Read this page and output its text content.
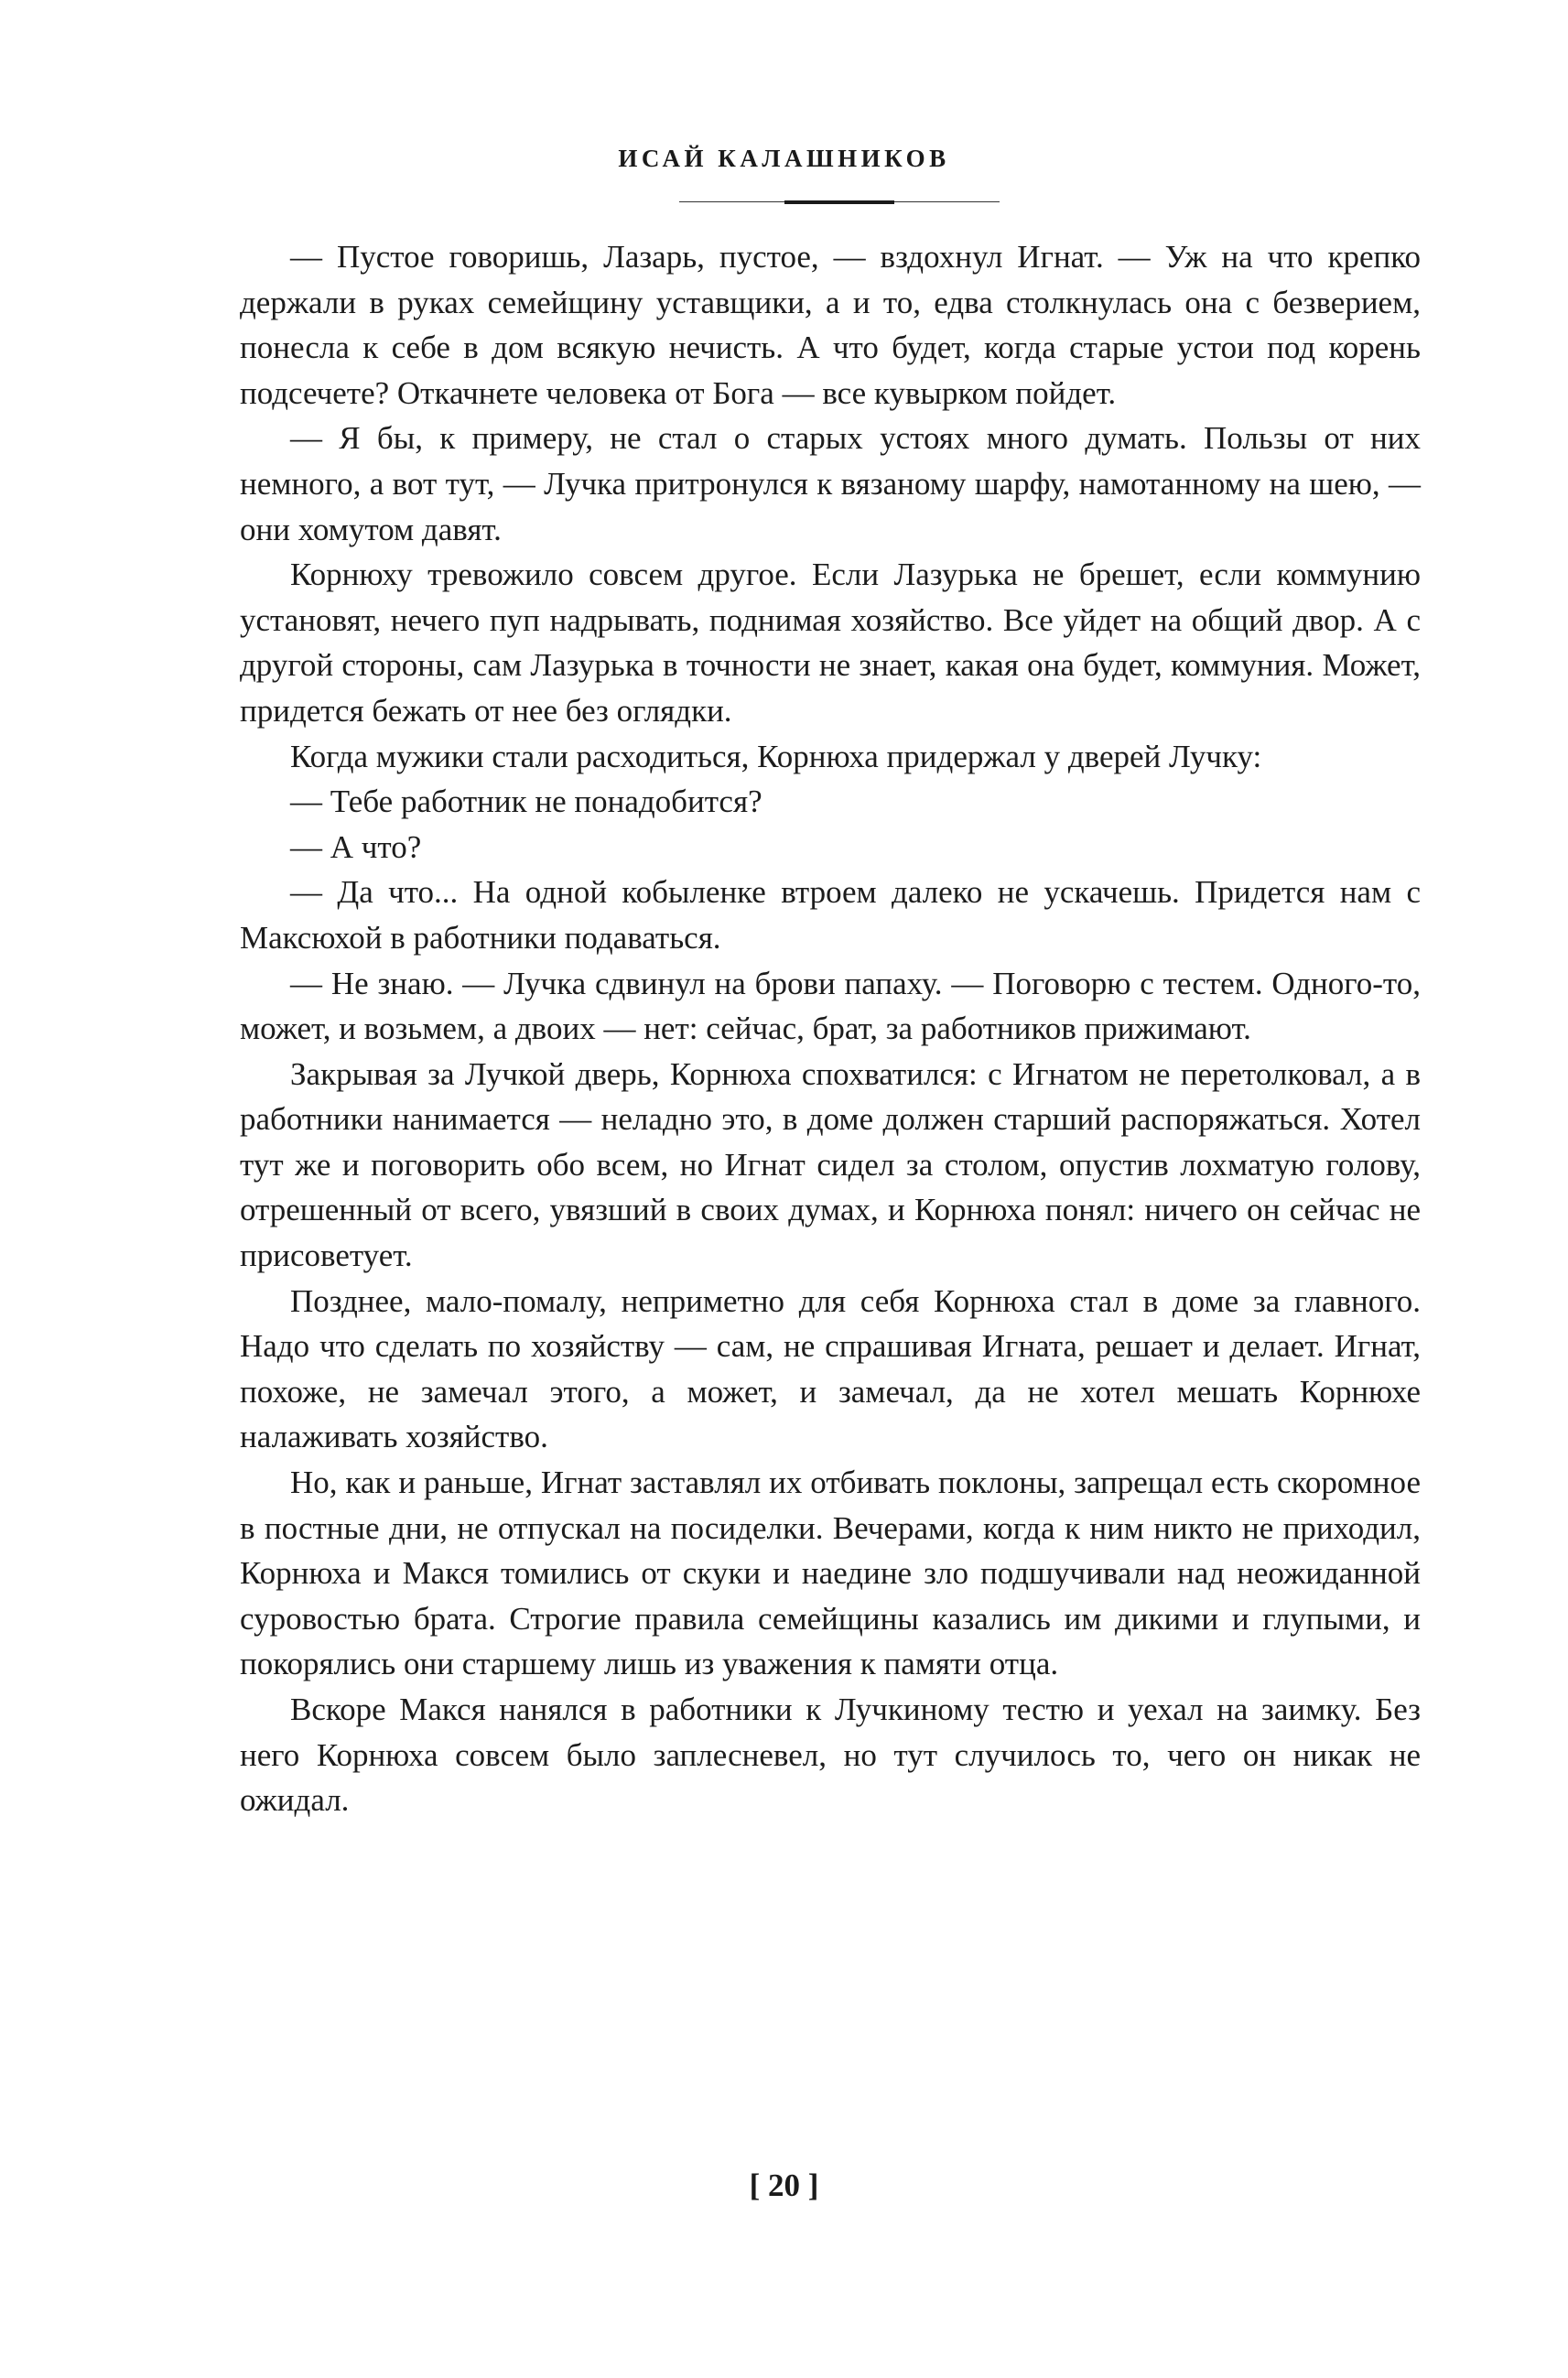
ИСАЙ КАЛАШНИКОВ

— Пустое говоришь, Лазарь, пустое, — вздохнул Игнат. — Уж на что крепко держали в руках семейщину уставщики, а и то, едва столкнулась она с безверием, понесла к себе в дом всякую нечисть. А что будет, когда старые устои под корень подсечете? Откачнете человека от Бога — все кувырком пойдет.

— Я бы, к примеру, не стал о старых устоях много думать. Пользы от них немного, а вот тут, — Лучка притронулся к вязаному шарфу, намотанному на шею, — они хомутом давят.

Корнюху тревожило совсем другое. Если Лазурька не брешет, если коммунию установят, нечего пуп надрывать, поднимая хозяйство. Все уйдет на общий двор. А с другой стороны, сам Лазурька в точности не знает, какая она будет, коммуния. Может, придется бежать от нее без оглядки.

Когда мужики стали расходиться, Корнюха придержал у дверей Лучку:

— Тебе работник не понадобится?

— А что?

— Да что... На одной кобыленке втроем далеко не ускачешь. Придется нам с Максюхой в работники подаваться.

— Не знаю. — Лучка сдвинул на брови папаху. — Поговорю с тестем. Одного-то, может, и возьмем, а двоих — нет: сейчас, брат, за работников прижимают.

Закрывая за Лучкой дверь, Корнюха спохватился: с Игнатом не перетолковал, а в работники нанимается — неладно это, в доме должен старший распоряжаться. Хотел тут же и поговорить обо всем, но Игнат сидел за столом, опустив лохматую голову, отрешенный от всего, увязший в своих думах, и Корнюха понял: ничего он сейчас не присоветует.

Позднее, мало-помалу, неприметно для себя Корнюха стал в доме за главного. Надо что сделать по хозяйству — сам, не спрашивая Игната, решает и делает. Игнат, похоже, не замечал этого, а может, и замечал, да не хотел мешать Корнюхе налаживать хозяйство.

Но, как и раньше, Игнат заставлял их отбивать поклоны, запрещал есть скоромное в постные дни, не отпускал на посиделки. Вечерами, когда к ним никто не приходил, Корнюха и Макся томились от скуки и наедине зло подшучивали над неожиданной суровостью брата. Строгие правила семейщины казались им дикими и глупыми, и покорялись они старшему лишь из уважения к памяти отца.

Вскоре Макся нанялся в работники к Лучкиному тестю и уехал на заимку. Без него Корнюха совсем было заплесневел, но тут случилось то, чего он никак не ожидал.

[ 20 ]
